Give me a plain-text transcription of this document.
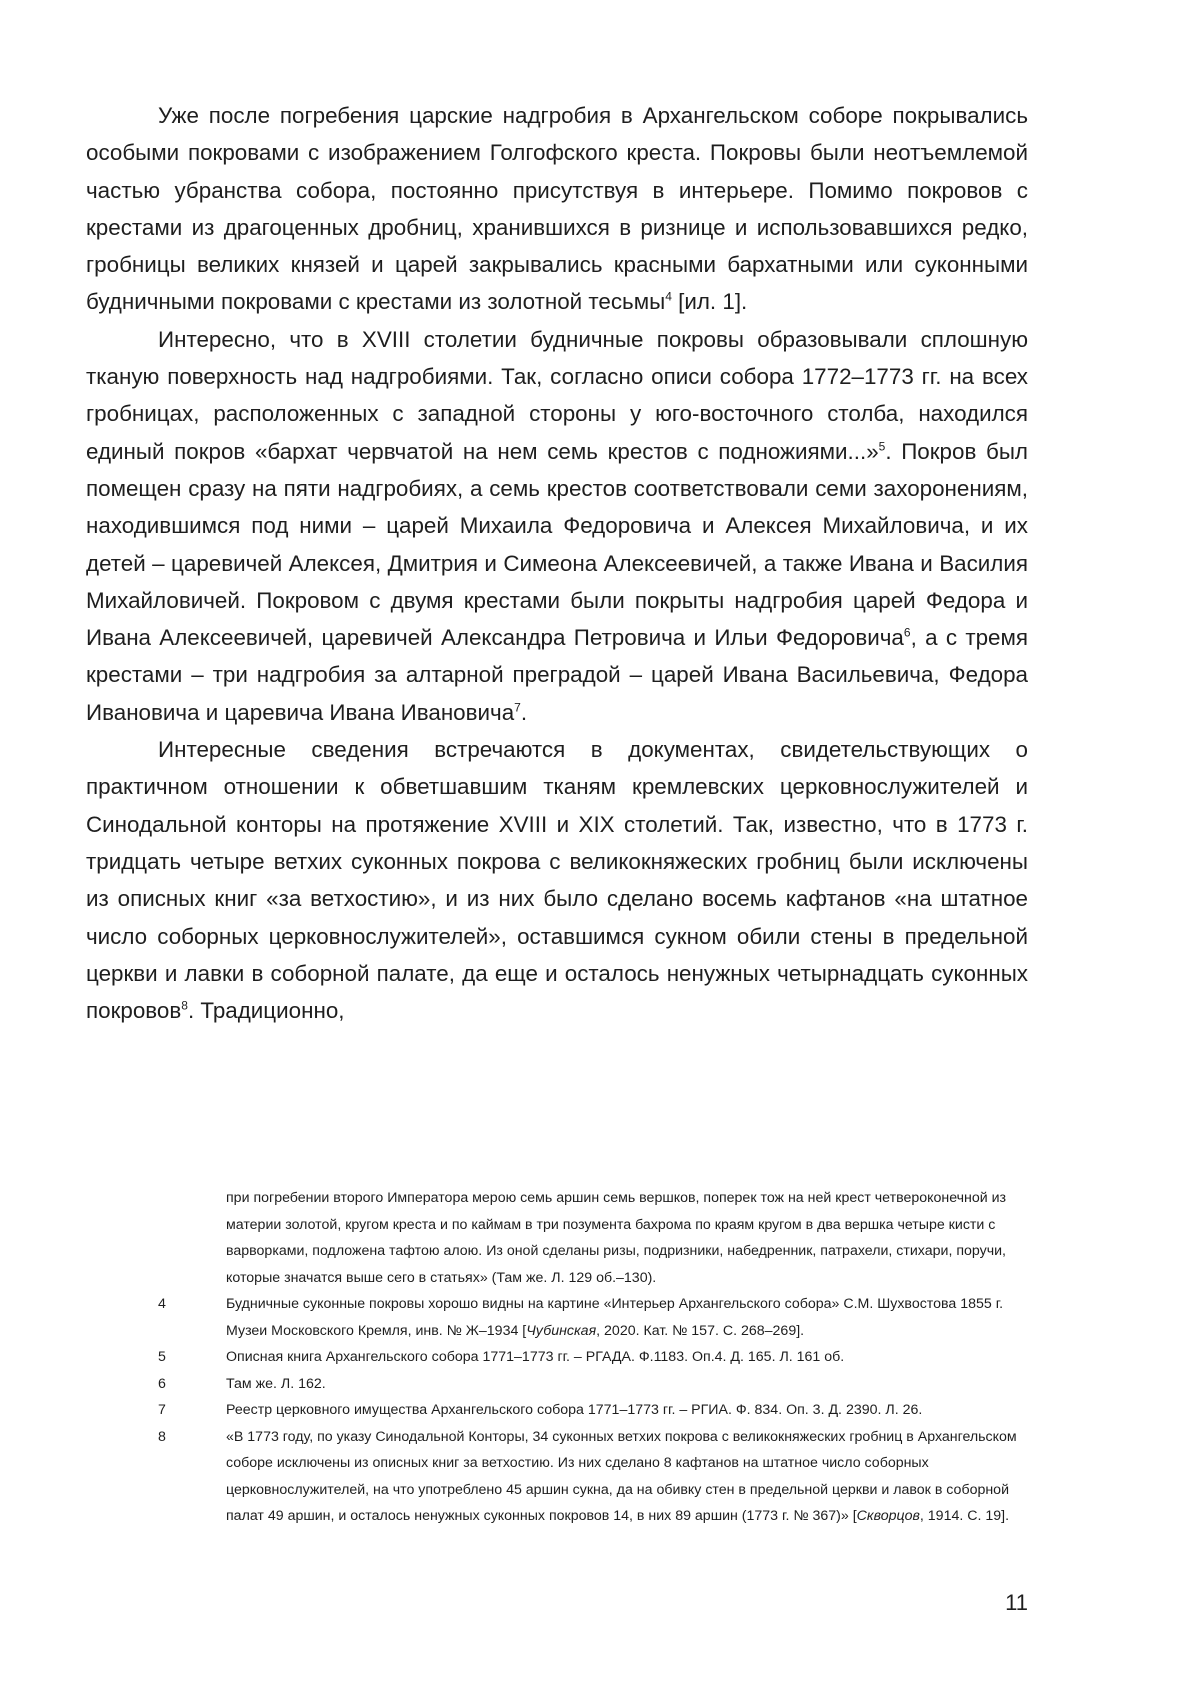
Уже после погребения царские надгробия в Архангельском соборе покрывались особыми покровами с изображением Голгофского креста. Покровы были неотъемлемой частью убранства собора, постоянно присутствуя в интерьере. Помимо покровов с крестами из драгоценных дробниц, хранившихся в ризнице и использовавшихся редко, гробницы великих князей и царей закрывались красными бархатными или суконными будничными покровами с крестами из золотной тесьмы$^4$ [ил. 1].

Интересно, что в XVIII столетии будничные покровы образовывали сплошную тканую поверхность над надгробиями. Так, согласно описи собора 1772–1773 гг. на всех гробницах, расположенных с западной стороны у юго-восточного столба, находился единый покров «бархат червчатой на нем семь крестов с подножиями...»$^5$. Покров был помещен сразу на пяти надгробиях, а семь крестов соответствовали семи захоронениям, находившимся под ними – царей Михаила Федоровича и Алексея Михайловича, и их детей – царевичей Алексея, Дмитрия и Симеона Алексеевичей, а также Ивана и Василия Михайловичей. Покровом с двумя крестами были покрыты надгробия царей Федора и Ивана Алексеевичей, царевичей Александра Петровича и Ильи Федоровича$^6$, а с тремя крестами – три надгробия за алтарной преградой – царей Ивана Васильевича, Федора Ивановича и царевича Ивана Ивановича$^7$.

Интересные сведения встречаются в документах, свидетельствующих о практичном отношении к обветшавшим тканям кремлевских церковнослужителей и Синодальной конторы на протяжение XVIII и XIX столетий. Так, известно, что в 1773 г. тридцать четыре ветхих суконных покрова с великокняжеских гробниц были исключены из описных книг «за ветхостию», и из них было сделано восемь кафтанов «на штатное число соборных церковнослужителей», оставшимся сукном обили стены в предельной церкви и лавки в соборной палате, да еще и осталось ненужных четырнадцать суконных покровов$^8$. Традиционно,

при погребении второго Императора мерою семь аршин семь вершков, поперек тож на ней крест четвероконечной из материи золотой, кругом креста и по каймам в три позумента бахрома по краям кругом в два вершка четыре кисти с варворками, подложена тафтою алою. Из оной сделаны ризы, подризники, набедренник, патрахели, стихари, поручи, которые значатся выше сего в статьях» (Там же. Л. 129 об.–130).
4	Будничные суконные покровы хорошо видны на картине «Интерьер Архангельского собора» С.М. Шухвостова 1855 г. Музеи Московского Кремля, инв. № Ж–1934 [Чубинская, 2020. Кат. № 157. С. 268–269].
5	Описная книга Архангельского собора 1771–1773 гг. – РГАДА. Ф.1183. Оп.4. Д. 165. Л. 161 об.
6	Там же. Л. 162.
7	Реестр церковного имущества Архангельского собора 1771–1773 гг. – РГИА. Ф. 834. Оп. 3. Д. 2390. Л. 26.
8	«В 1773 году, по указу Синодальной Конторы, 34 суконных ветхих покрова с великокняжеских гробниц в Архангельском соборе исключены из описных книг за ветхостию. Из них сделано 8 кафтанов на штатное число соборных церковнослужителей, на что употреблено 45 аршин сукна, да на обивку стен в предельной церкви и лавок в соборной палат 49 аршин, и осталось ненужных суконных покровов 14, в них 89 аршин (1773 г. № 367)» [Скворцов, 1914. С. 19].
11
